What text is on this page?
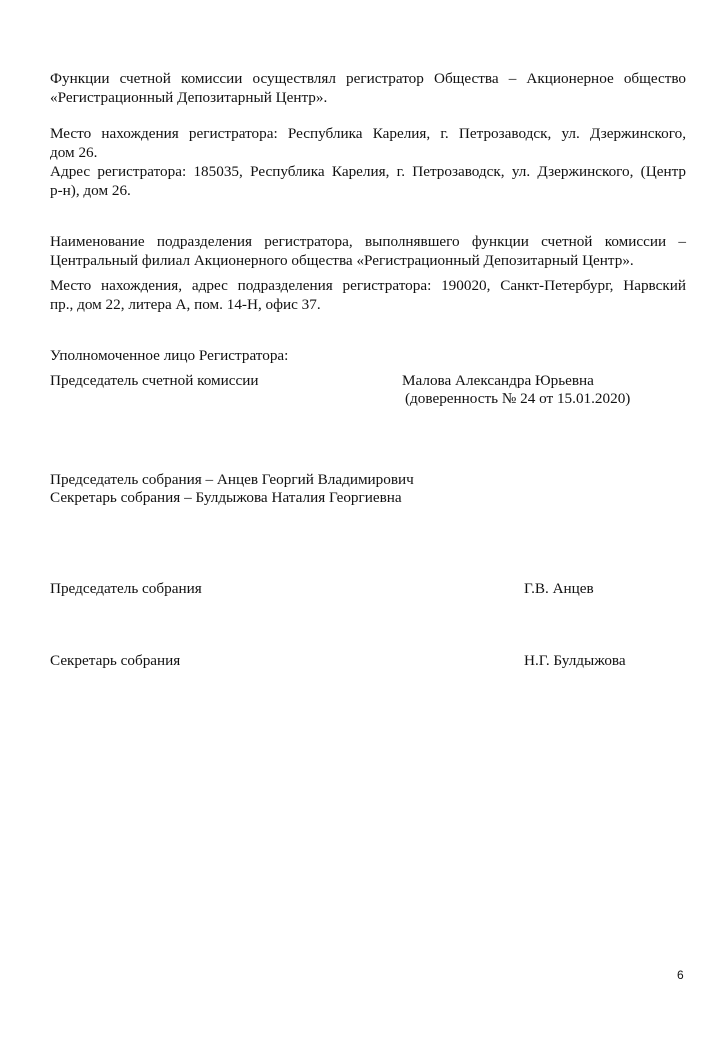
Функции счетной комиссии осуществлял регистратор Общества – Акционерное общество
«Регистрационный Депозитарный Центр».
Место нахождения регистратора: Республика Карелия, г. Петрозаводск, ул. Дзержинского,
дом 26.
Адрес регистратора: 185035, Республика Карелия, г. Петрозаводск, ул. Дзержинского, (Центр
р-н), дом 26.
Наименование подразделения регистратора, выполнявшего функции счетной комиссии –
Центральный филиал Акционерного общества «Регистрационный Депозитарный Центр».
Место нахождения, адрес подразделения регистратора: 190020, Санкт-Петербург, Нарвский
пр., дом 22, литера А, пом. 14-Н, офис 37.
Уполномоченное лицо Регистратора:
Председатель счетной комиссии	Малова Александра Юрьевна
(доверенность № 24 от 15.01.2020)
Председатель собрания – Анцев Георгий Владимирович
Секретарь собрания – Булдыжова Наталия Георгиевна
Председатель собрания	Г.В. Анцев
Секретарь собрания	Н.Г. Булдыжова
6
